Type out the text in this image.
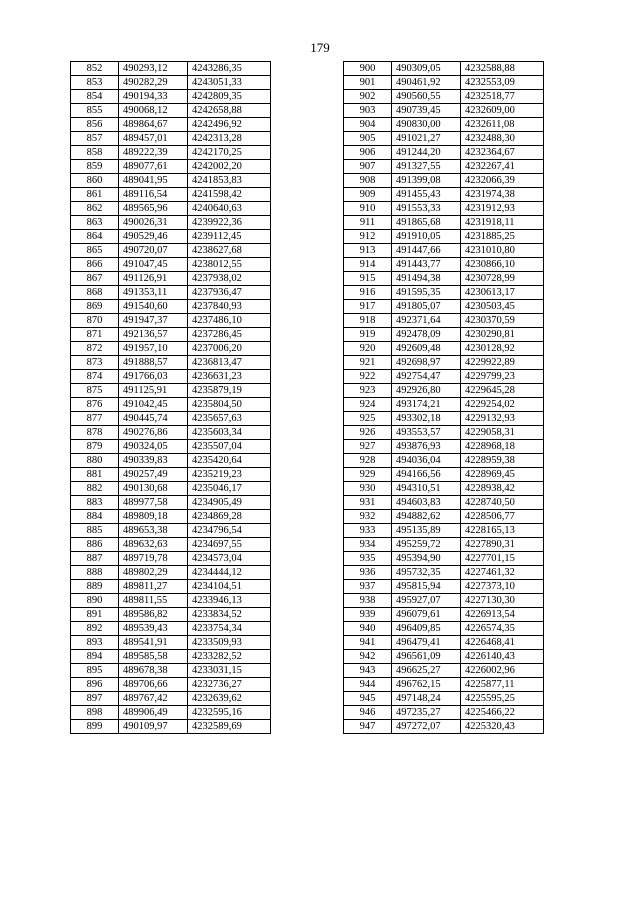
179
852	490293,12	4243286,35
853	490282,29	4243051,33
854	490194,33	4242809,35
855	490068,12	4242658,88
856	489864,67	4242496,92
857	489457,01	4242313,28
858	489222,39	4242170,25
859	489077,61	4242002,20
860	489041,95	4241853,83
861	489116,54	4241598,42
862	489565,96	4240640,63
863	490026,31	4239922,36
864	490529,46	4239112,45
865	490720,07	4238627,68
866	491047,45	4238012,55
867	491126,91	4237938,02
868	491353,11	4237936,47
869	491540,60	4237840,93
870	491947,37	4237486,10
871	492136,57	4237286,45
872	491957,10	4237006,20
873	491888,57	4236813,47
874	491766,03	4236631,23
875	491125,91	4235879,19
876	491042,45	4235804,50
877	490445,74	4235657,63
878	490276,86	4235603,34
879	490324,05	4235507,04
880	490339,83	4235420,64
881	490257,49	4235219,23
882	490130,68	4235046,17
883	489977,58	4234905,49
884	489809,18	4234869,28
885	489653,38	4234796,54
886	489632,63	4234697,55
887	489719,78	4234573,04
888	489802,29	4234444,12
889	489811,27	4234104,51
890	489811,55	4233946,13
891	489586,82	4233834,52
892	489539,43	4233754,34
893	489541,91	4233509,93
894	489585,58	4233282,52
895	489678,38	4233031,15
896	489706,66	4232736,27
897	489767,42	4232639,62
898	489906,49	4232595,16
899	490109,97	4232589,69
900	490309,05	4232588,88
901	490461,92	4232553,09
902	490560,55	4232518,77
903	490739,45	4232609,00
904	490830,00	4232611,08
905	491021,27	4232488,30
906	491244,20	4232364,67
907	491327,55	4232267,41
908	491399,08	4232066,39
909	491455,43	4231974,38
910	491553,33	4231912,93
911	491865,68	4231918,11
912	491910,05	4231885,25
913	491447,66	4231010,80
914	491443,77	4230866,10
915	491494,38	4230728,99
916	491595,35	4230613,17
917	491805,07	4230503,45
918	492371,64	4230370,59
919	492478,09	4230290,81
920	492609,48	4230128,92
921	492698,97	4229922,89
922	492754,47	4229799,23
923	492926,80	4229645,28
924	493174,21	4229254,02
925	493302,18	4229132,93
926	493553,57	4229058,31
927	493876,93	4228968,18
928	494036,04	4228959,38
929	494166,56	4228969,45
930	494310,51	4228938,42
931	494603,83	4228740,50
932	494882,62	4228506,77
933	495135,89	4228165,13
934	495259,72	4227890,31
935	495394,90	4227701,15
936	495732,35	4227461,32
937	495815,94	4227373,10
938	495927,07	4227130,30
939	496079,61	4226913,54
940	496409,85	4226574,35
941	496479,41	4226468,41
942	496561,09	4226140,43
943	496625,27	4226002,96
944	496762,15	4225877,11
945	497148,24	4225595,25
946	497235,27	4225466,22
947	497272,07	4225320,43
